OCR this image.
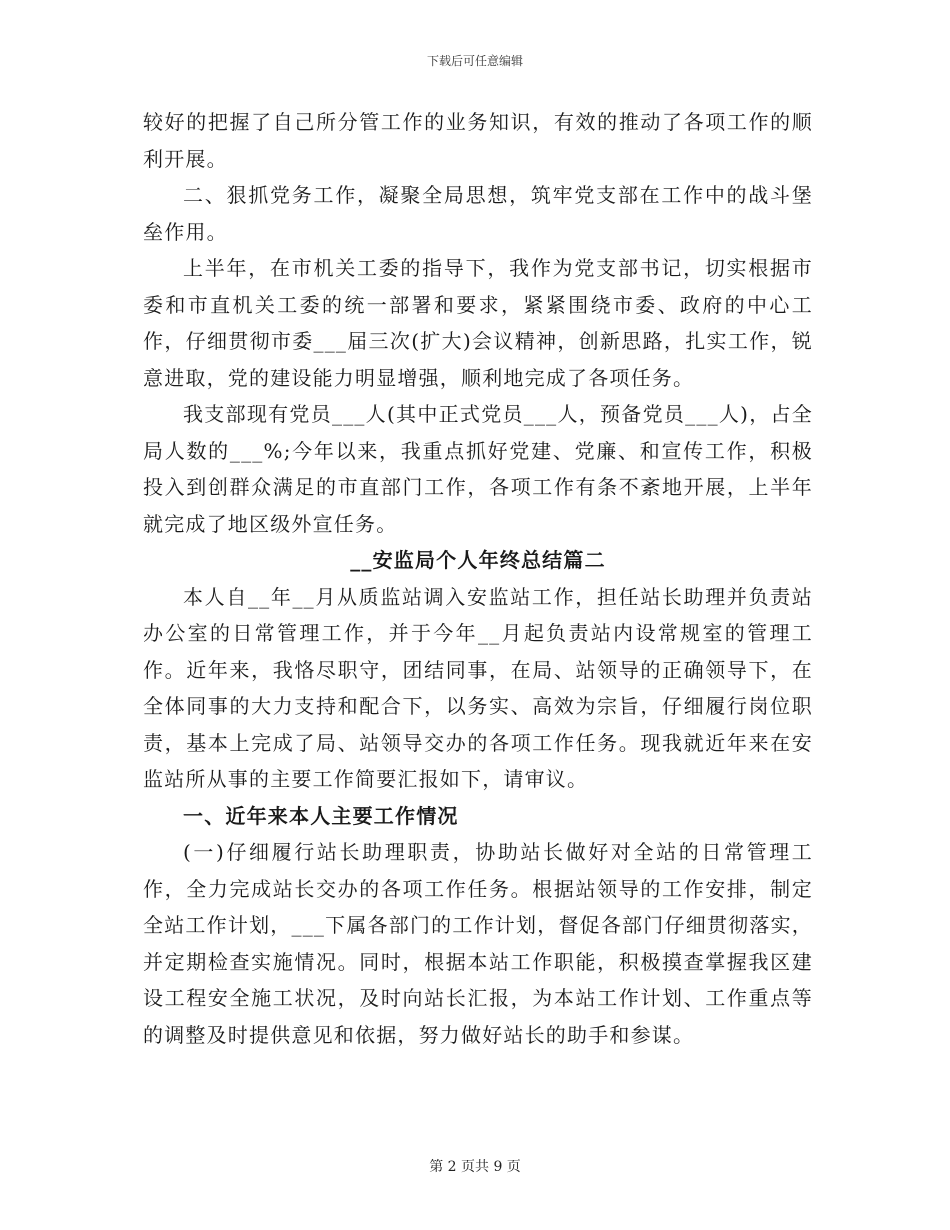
下载后可任意编辑

较好的把握了自己所分管工作的业务知识，有效的推动了各项工作的顺利开展。

二、狠抓党务工作，凝聚全局思想，筑牢党支部在工作中的战斗堡垒作用。

上半年，在市机关工委的指导下，我作为党支部书记，切实根据市委和市直机关工委的统一部署和要求，紧紧围绕市委、政府的中心工作，仔细贯彻市委___届三次(扩大)会议精神，创新思路，扎实工作，锐意进取，党的建设能力明显增强，顺利地完成了各项任务。

我支部现有党员___人(其中正式党员___人，预备党员___人)，占全局人数的___%;今年以来，我重点抓好党建、党廉、和宣传工作，积极投入到创群众满足的市直部门工作，各项工作有条不紊地开展，上半年就完成了地区级外宣任务。

__安监局个人年终总结篇二

本人自__年__月从质监站调入安监站工作，担任站长助理并负责站办公室的日常管理工作，并于今年__月起负责站内设常规室的管理工作。近年来，我恪尽职守，团结同事，在局、站领导的正确领导下，在全体同事的大力支持和配合下，以务实、高效为宗旨，仔细履行岗位职责，基本上完成了局、站领导交办的各项工作任务。现我就近年来在安监站所从事的主要工作简要汇报如下，请审议。

一、近年来本人主要工作情况

(一)仔细履行站长助理职责，协助站长做好对全站的日常管理工作，全力完成站长交办的各项工作任务。根据站领导的工作安排，制定全站工作计划，___下属各部门的工作计划，督促各部门仔细贯彻落实，并定期检查实施情况。同时，根据本站工作职能，积极摸查掌握我区建设工程安全施工状况，及时向站长汇报，为本站工作计划、工作重点等的调整及时提供意见和依据，努力做好站长的助手和参谋。

第 2 页共 9 页
